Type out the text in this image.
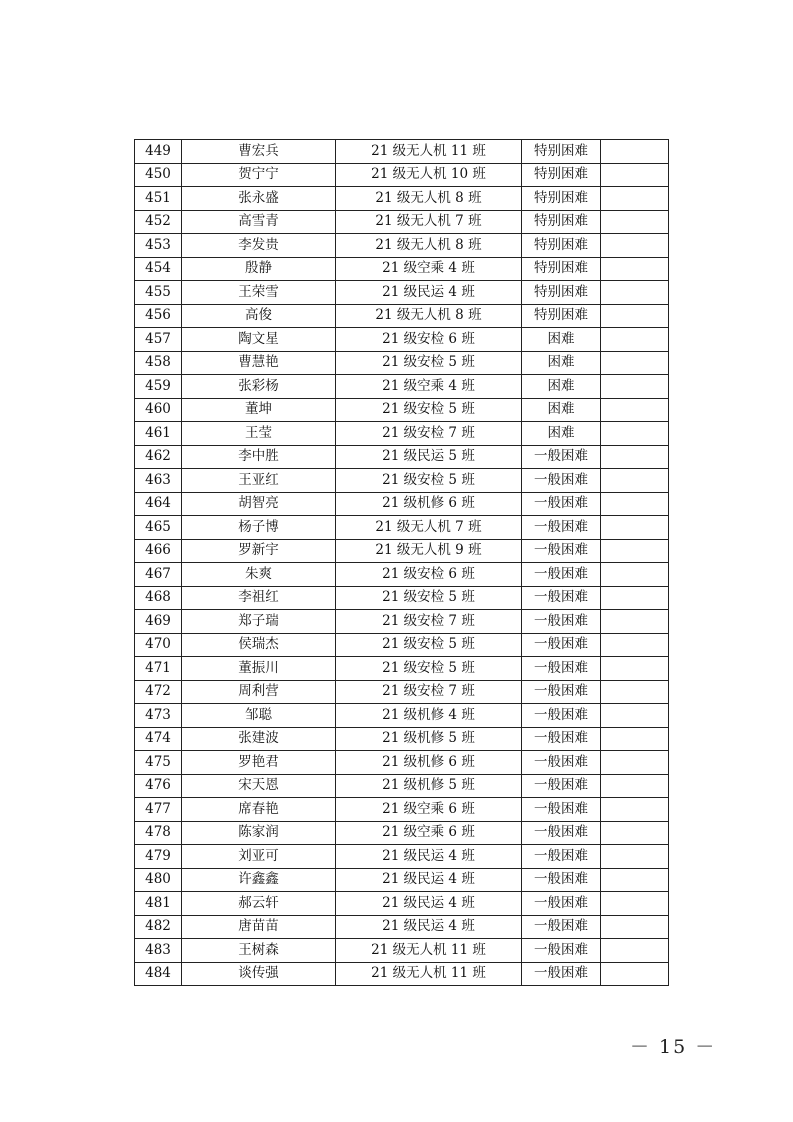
449	曹宏兵	21 级无人机 11 班	特别困难	
450	贺宁宁	21 级无人机 10 班	特别困难	
451	张永盛	21 级无人机 8 班	特别困难	
452	高雪青	21 级无人机 7 班	特别困难	
453	李发贵	21 级无人机 8 班	特别困难	
454	殷静	21 级空乘 4 班	特别困难	
455	王荣雪	21 级民运 4 班	特别困难	
456	高俊	21 级无人机 8 班	特别困难	
457	陶文星	21 级安检 6 班	困难	
458	曹慧艳	21 级安检 5 班	困难	
459	张彩杨	21 级空乘 4 班	困难	
460	董坤	21 级安检 5 班	困难	
461	王莹	21 级安检 7 班	困难	
462	李中胜	21 级民运 5 班	一般困难	
463	王亚红	21 级安检 5 班	一般困难	
464	胡智亮	21 级机修 6 班	一般困难	
465	杨子博	21 级无人机 7 班	一般困难	
466	罗新宇	21 级无人机 9 班	一般困难	
467	朱爽	21 级安检 6 班	一般困难	
468	李祖红	21 级安检 5 班	一般困难	
469	郑子瑞	21 级安检 7 班	一般困难	
470	侯瑞杰	21 级安检 5 班	一般困难	
471	董振川	21 级安检 5 班	一般困难	
472	周利营	21 级安检 7 班	一般困难	
473	邹聪	21 级机修 4 班	一般困难	
474	张建波	21 级机修 5 班	一般困难	
475	罗艳君	21 级机修 6 班	一般困难	
476	宋天恩	21 级机修 5 班	一般困难	
477	席春艳	21 级空乘 6 班	一般困难	
478	陈家润	21 级空乘 6 班	一般困难	
479	刘亚可	21 级民运 4 班	一般困难	
480	许鑫鑫	21 级民运 4 班	一般困难	
481	郝云轩	21 级民运 4 班	一般困难	
482	唐苗苗	21 级民运 4 班	一般困难	
483	王树森	21 级无人机 11 班	一般困难	
484	谈传强	21 级无人机 11 班	一般困难	
－ 15 －
